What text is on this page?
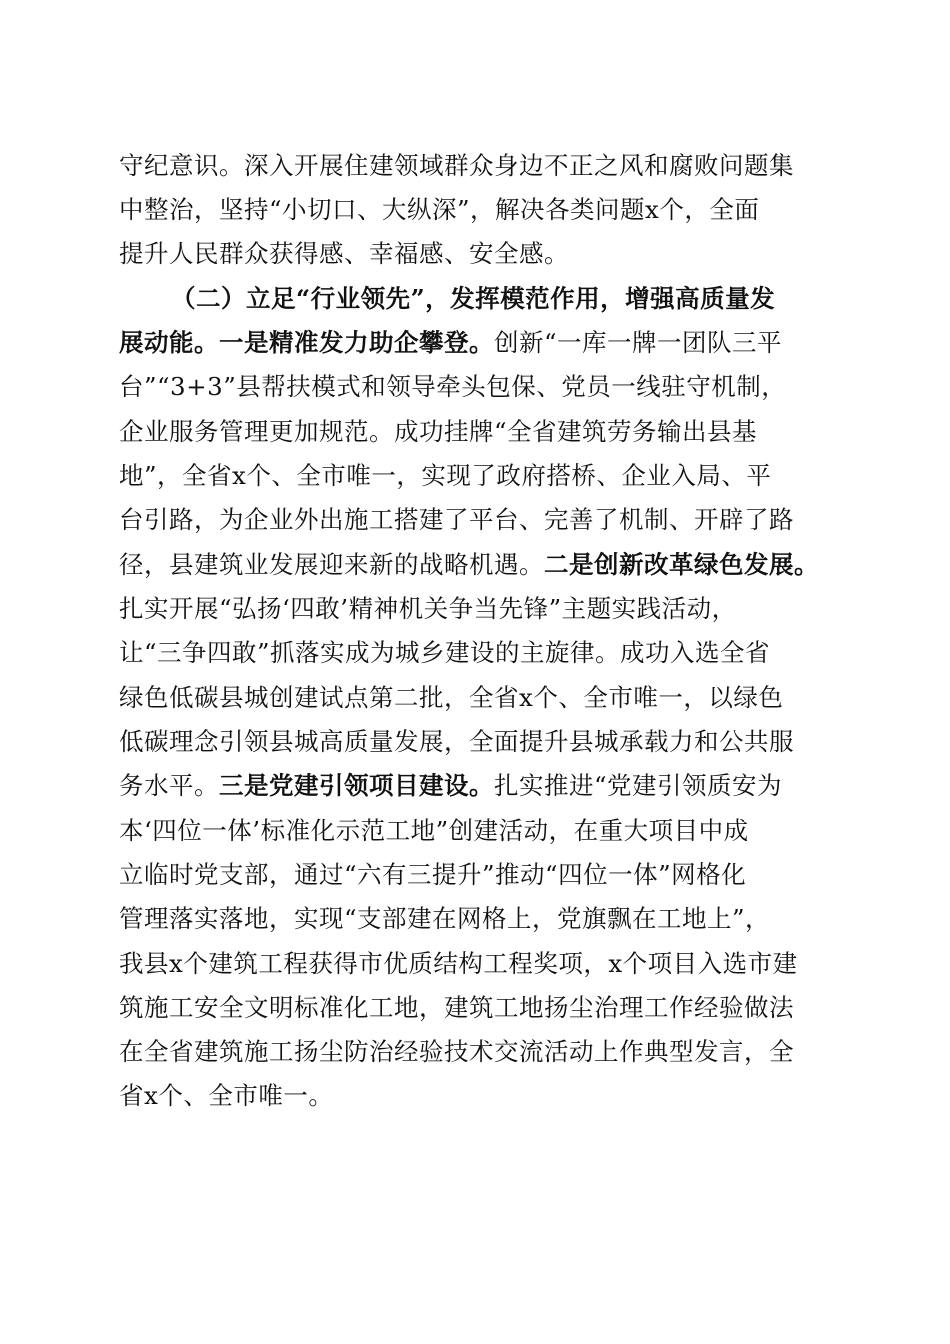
守纪意识。深入开展住建领域群众身边不正之风和腐败问题集
中整治，坚持“小切口、大纵深”，解决各类问题x个，全面
提升人民群众获得感、幸福感、安全感。
（二）立足“行业领先”，发挥模范作用，增强高质量发
展动能。一是精准发力助企攀登。创新“一库一牌一团队三平
台”“3+3”县帮扶模式和领导牵头包保、党员一线驻守机制，
企业服务管理更加规范。成功挂牌“全省建筑劳务输出县基
地”，全省x个、全市唯一，实现了政府搭桥、企业入局、平
台引路，为企业外出施工搭建了平台、完善了机制、开辟了路
径，县建筑业发展迎来新的战略机遇。二是创新改革绿色发展。
扎实开展“弘扬‘四敢’精神机关争当先锋”主题实践活动，
让“三争四敢”抓落实成为城乡建设的主旋律。成功入选全省
绿色低碳县城创建试点第二批，全省x个、全市唯一，以绿色
低碳理念引领县城高质量发展，全面提升县城承载力和公共服
务水平。三是党建引领项目建设。扎实推进“党建引领质安为
本‘四位一体’标准化示范工地”创建活动，在重大项目中成
立临时党支部，通过“六有三提升”推动“四位一体”网格化
管理落实落地，实现“支部建在网格上，党旗飘在工地上”，
我县x个建筑工程获得市优质结构工程奖项，x个项目入选市建
筑施工安全文明标准化工地，建筑工地扬尘治理工作经验做法
在全省建筑施工扬尘防治经验技术交流活动上作典型发言，全
省x个、全市唯一。
